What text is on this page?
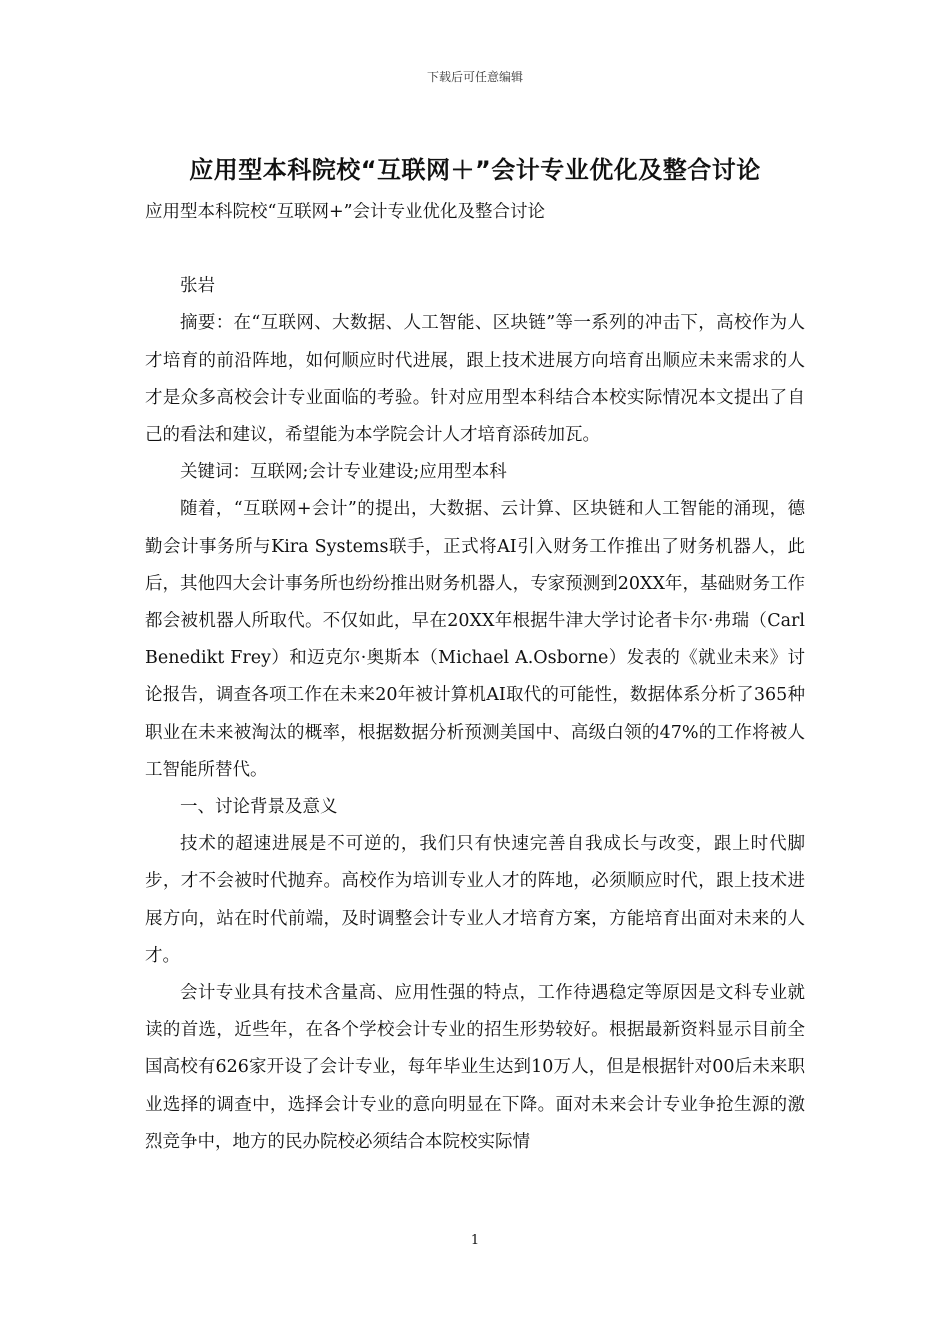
下载后可任意编辑
应用型本科院校“互联网＋”会计专业优化及整合讨论

应用型本科院校“互联网+”会计专业优化及整合讨论

张岩

摘要：在“互联网、大数据、人工智能、区块链”等一系列的冲击下，高校作为人才培育的前沿阵地，如何顺应时代进展，跟上技术进展方向培育出顺应未来需求的人才是众多高校会计专业面临的考验。针对应用型本科结合本校实际情况本文提出了自己的看法和建议，希望能为本学院会计人才培育添砖加瓦。

关键词：互联网;会计专业建设;应用型本科

随着，“互联网+会计”的提出，大数据、云计算、区块链和人工智能的涌现，德勤会计事务所与Kira Systems联手，正式将AI引入财务工作推出了财务机器人，此后，其他四大会计事务所也纷纷推出财务机器人，专家预测到20XX年，基础财务工作都会被机器人所取代。不仅如此，早在20XX年根据牛津大学讨论者卡尔·弗瑞（Carl Benedikt Frey）和迈克尔·奥斯本（Michael A.Osborne）发表的《就业未来》讨论报告，调查各项工作在未来20年被计算机AI取代的可能性，数据体系分析了365种职业在未来被淘汰的概率，根据数据分析预测美国中、高级白领的47%的工作将被人工智能所替代。

一、讨论背景及意义

技术的超速进展是不可逆的，我们只有快速完善自我成长与改变，跟上时代脚步，才不会被时代抛弃。高校作为培训专业人才的阵地，必须顺应时代，跟上技术进展方向，站在时代前端，及时调整会计专业人才培育方案，方能培育出面对未来的人才。

会计专业具有技术含量高、应用性强的特点，工作待遇稳定等原因是文科专业就读的首选，近些年，在各个学校会计专业的招生形势较好。根据最新资料显示目前全国高校有626家开设了会计专业，每年毕业生达到10万人，但是根据针对00后未来职业选择的调查中，选择会计专业的意向明显在下降。面对未来会计专业争抢生源的激烈竞争中，地方的民办院校必须结合本院校实际情

1
